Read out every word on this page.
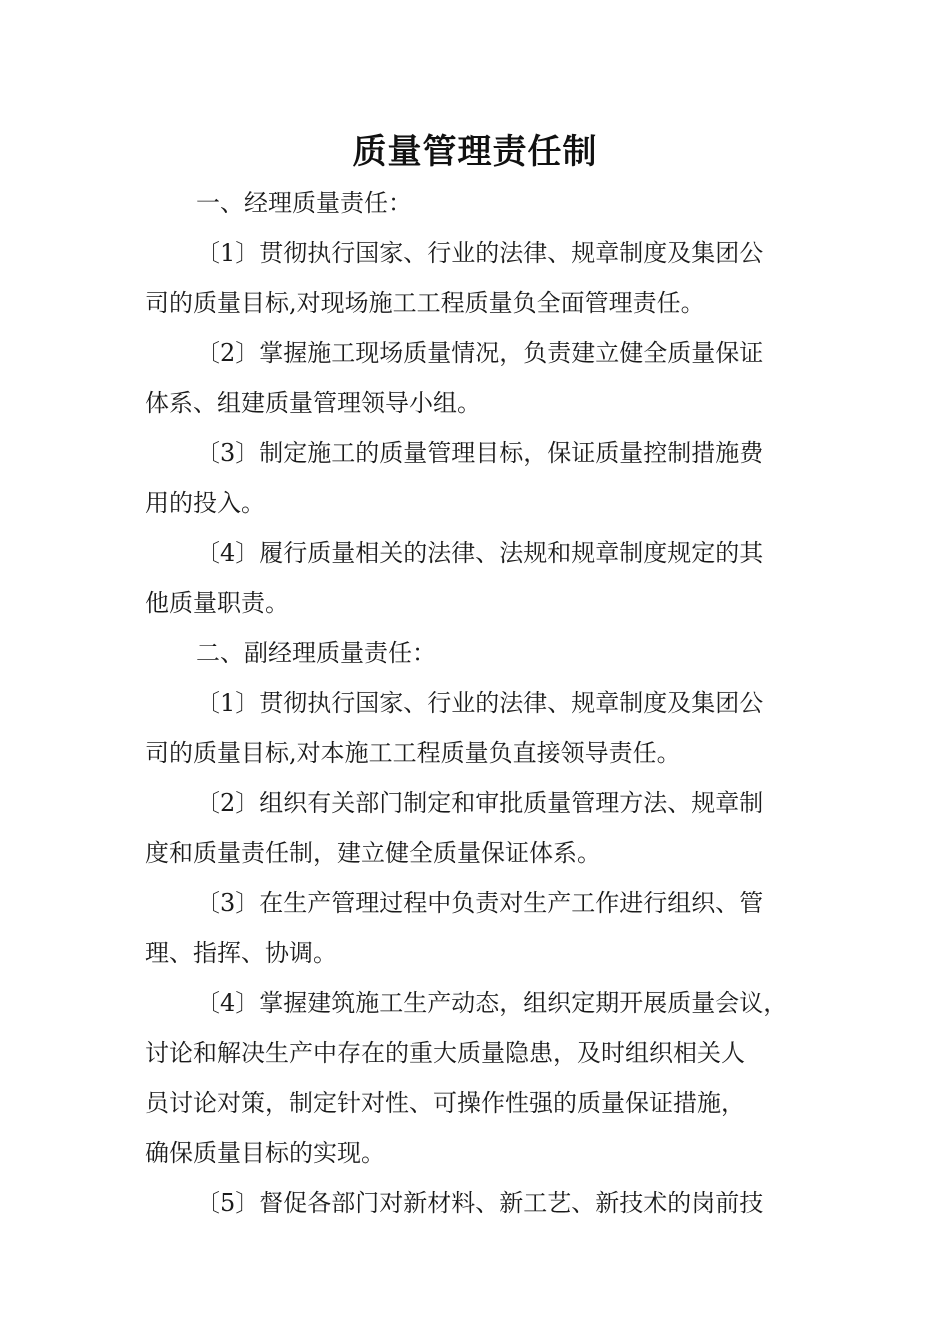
质量管理责任制
一、经理质量责任：
〔1〕贯彻执行国家、行业的法律、规章制度及集团公
司的质量目标,对现场施工工程质量负全面管理责任。
〔2〕掌握施工现场质量情况，负责建立健全质量保证
体系、组建质量管理领导小组。
〔3〕制定施工的质量管理目标，保证质量控制措施费
用的投入。
〔4〕履行质量相关的法律、法规和规章制度规定的其
他质量职责。
二、副经理质量责任：
〔1〕贯彻执行国家、行业的法律、规章制度及集团公
司的质量目标,对本施工工程质量负直接领导责任。
〔2〕组织有关部门制定和审批质量管理方法、规章制
度和质量责任制，建立健全质量保证体系。
〔3〕在生产管理过程中负责对生产工作进行组织、管
理、指挥、协调。
〔4〕掌握建筑施工生产动态，组织定期开展质量会议，
讨论和解决生产中存在的重大质量隐患，及时组织相关人
员讨论对策，制定针对性、可操作性强的质量保证措施，
确保质量目标的实现。
〔5〕督促各部门对新材料、新工艺、新技术的岗前技
